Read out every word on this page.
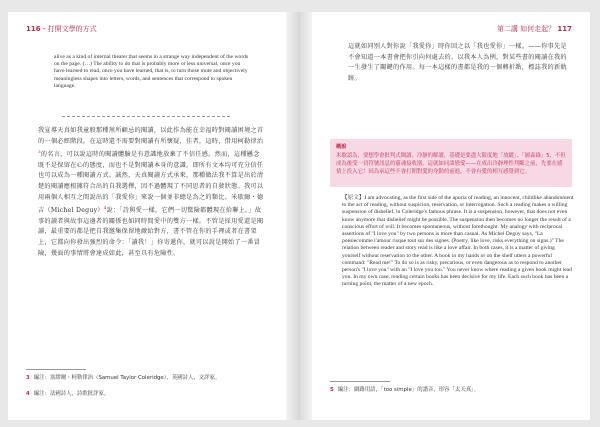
116・打開文學的方式
alive as a kind of internal theater that seems in a strange way independent of the words on the page. (…) The ability to do that is probably more or less universal, once you have learned to read, once you have learned, that is, to turn those mute and objectively meaningless shapes into letters, words, and sentences that correspond to spoken language.
我宣導天真如我童般那種無所顧忌的閱讀，以此作為能在幸福時對閱讀困境之首的一個必經階段。在這時還不需要對閱讀有所懷疑，佳者，這時，借用柯勒律治$^3$的名言，可以說這時的閱讀體驗是有意識地放棄了不信任感。然而，這種懸念既不是保留在心的態度，而也不是對閱讀本身的意識。即所有文本均可充分信任也可以成為一種閱讀方式。誠然，天真閱讀方式承來，那種做法我不算是出於清楚的閱讀應根據符合出的自我選擇，因不過體現了不同思者的自發狀態。我可以用兩個人相互之間說出的「我愛你」來說一個並非總是為之的類比。米歇爾・德吉（Michel Deguy）$^4$說：「詩與愛一樣，它們一切驚險都體現在拾聯上。」故事的讀者與故事這邊者的關係也如同時間愛中的雙方一樣。不管是採用愛還是閱讀，最重要的都是把自我邀集保留地敵給對方，書不管在你的手裡或者在書架上，它都向你發出強烈的命令：「讀我！」你寄遞你，就可以說是開始了一番冒險，幾面的事情將會達成如此，甚至具有危險性。
3 編注：塞繆爾・柯勒律治（Samuel Taylor Coleridge），英國詩人、文評家。
4 編注：法國詩人，詩歌批評家。
第二講 如何走起？ 117
這就如同別人對你說「我愛你」時你回之以「我也愛你」一樣。——你事先是不會知道一本書會把你引向何處去的。以我本人為例，對某些書的閱讀在我的一生發生了關鍵的作用。每一本這樣的書都是我的一個轉折點，標誌我的新軌跡。
概說
米歇認為，要想學會批判式閱讀、冷靜的解讀，基礎是要盡大限度地「放縱」、「圖森綠」5，不但成為後受一切符號訊息的靈魂接收器，這就如同談戀愛——在成出冷靜理性判斷之前，先要在感情上投入它！因為承這些不會打開對愛的身動的前進，不會有愛的相互感覺到它。
【原文】I am advocating, as the first side of the aporia of reading, an innocent, childlike abandonment to the act of reading, without suspicion, reservation, or interrogation. Such a reading makes a willing suspension of disbelief, in Coleridge's famous phrase. It is a suspension, however, that does not even know anymore that disbelief might be possible. The suspension then becomes no longer the result of a conscious effort of will. It becomes spontaneous, without forethought. My analogy with reciprocal assertions of "I love you" by two persons is more than casual. As Michel Deguy says, "La poésiecomme l'amour risque tout sur des signes. (Poetry, like love, risks everything on signs.)" The relation between reader and story read is like a love affair. In both cases, it is a matter of giving yourself without reservation to the other. A book in my hands or on the shelf utters a powerful command: "Read me!" To do so is as risky, precarious, or even dangerous as to respond to another person's "I love you" with an "I love you too." You never know where reading a given book might lead you. In my own case, reading certain books has been decisive for my life. Each such book has been a turning point, the matter of a new epoch.
5 編注：網路用語，「too simple」的諧音，形容「太天真」。
